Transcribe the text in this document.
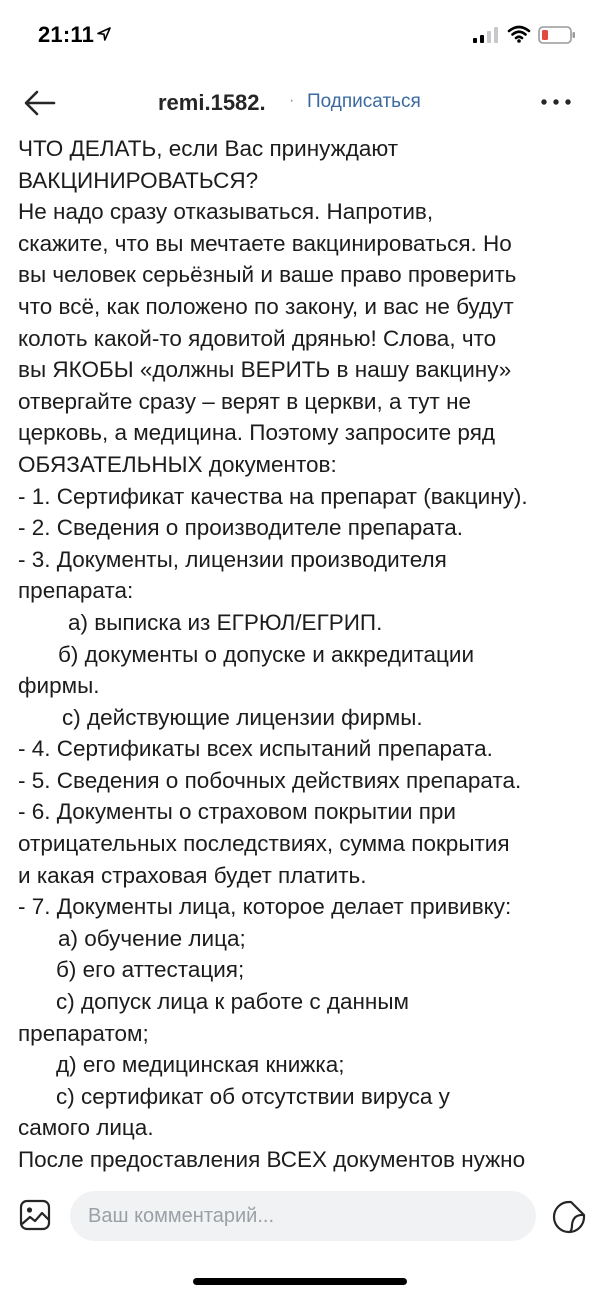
21:11
remi.1582. · Подписаться
ЧТО ДЕЛАТЬ, если Вас принуждают
ВАКЦИНИРОВАТЬСЯ?
Не надо сразу отказываться. Напротив,
скажите, что вы мечтаете вакцинироваться. Но
вы человек серьёзный и ваше право проверить
что всё, как положено по закону, и вас не будут
колоть какой-то ядовитой дрянью! Слова, что
вы ЯКОБЫ «должны ВЕРИТЬ в нашу вакцину»
отвергайте сразу – верят в церкви, а тут не
церковь, а медицина. Поэтому запросите ряд
ОБЯЗАТЕЛЬНЫХ документов:
- 1. Сертификат качества на препарат (вакцину).
- 2. Сведения о производителе препарата.
- 3. Документы, лицензии производителя
препарата:
а) выписка из ЕГРЮЛ/ЕГРИП.
б) документы о допуске и аккредитации
фирмы.
с) действующие лицензии фирмы.
- 4. Сертификаты всех испытаний препарата.
- 5. Сведения о побочных действиях препарата.
- 6. Документы о страховом покрытии при
отрицательных последствиях, сумма покрытия
и какая страховая будет платить.
- 7. Документы лица, которое делает прививку:
а) обучение лица;
б) его аттестация;
с) допуск лица к работе с данным
препаратом;
д) его медицинская книжка;
с) сертификат об отсутствии вируса у
самого лица.
После предоставления ВСЕХ документов нужно
Ваш комментарий...
